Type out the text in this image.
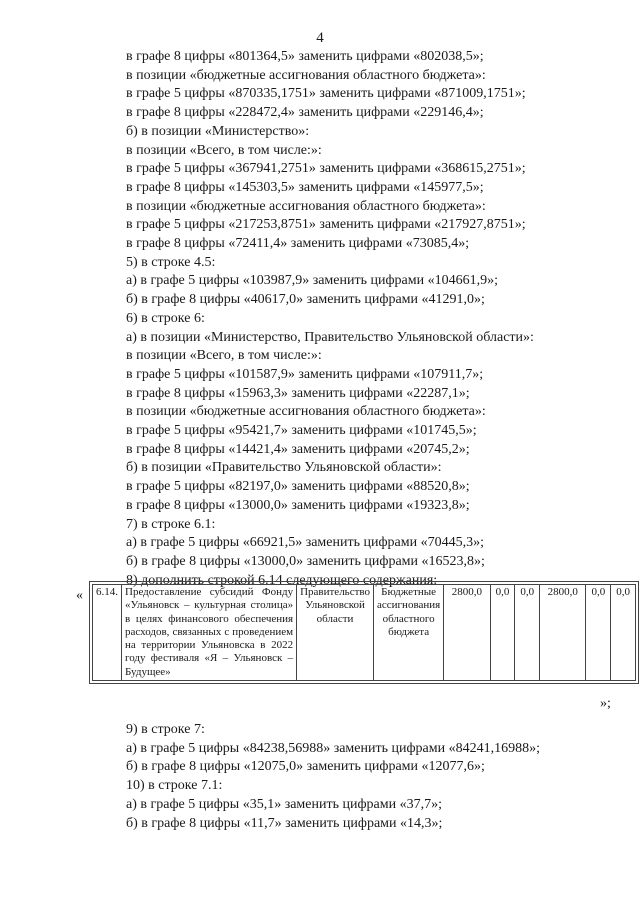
4
в графе 8 цифры «801364,5» заменить цифрами «802038,5»;
в позиции «бюджетные ассигнования областного бюджета»:
в графе 5 цифры «870335,1751» заменить цифрами «871009,1751»;
в графе 8 цифры «228472,4» заменить цифрами «229146,4»;
б) в позиции «Министерство»:
в позиции «Всего, в том числе:»:
в графе 5 цифры «367941,2751» заменить цифрами «368615,2751»;
в графе 8 цифры «145303,5» заменить цифрами «145977,5»;
в позиции «бюджетные ассигнования областного бюджета»:
в графе 5 цифры «217253,8751» заменить цифрами «217927,8751»;
в графе 8 цифры «72411,4» заменить цифрами «73085,4»;
5) в строке 4.5:
а) в графе 5 цифры «103987,9» заменить цифрами «104661,9»;
б) в графе 8 цифры «40617,0» заменить цифрами «41291,0»;
6) в строке 6:
а) в позиции «Министерство, Правительство Ульяновской области»:
в позиции «Всего, в том числе:»:
в графе 5 цифры «101587,9» заменить цифрами «107911,7»;
в графе 8 цифры «15963,3» заменить цифрами «22287,1»;
в позиции «бюджетные ассигнования областного бюджета»:
в графе 5 цифры «95421,7» заменить цифрами «101745,5»;
в графе 8 цифры «14421,4» заменить цифрами «20745,2»;
б) в позиции «Правительство Ульяновской области»:
в графе 5 цифры «82197,0» заменить цифрами «88520,8»;
в графе 8 цифры «13000,0» заменить цифрами «19323,8»;
7) в строке 6.1:
а) в графе 5 цифры «66921,5» заменить цифрами «70445,3»;
б) в графе 8 цифры «13000,0» заменить цифрами «16523,8»;
8) дополнить строкой 6.14 следующего содержания:
« 6.14.	Предоставление субсидий Фонду «Ульяновск – культурная столица» в целях финансового обеспечения расходов, связанных с проведением на территории Ульяновска в 2022 году фестиваля «Я – Ульяновск – Будущее»	Правительство Ульяновской области	Бюджетные ассигнования областного бюджета	2800,0	0,0	0,0	2800,0	0,0	0,0
»;
9) в строке 7:
а) в графе 5 цифры «84238,56988» заменить цифрами «84241,16988»;
б) в графе 8 цифры «12075,0» заменить цифрами «12077,6»;
10) в строке 7.1:
а) в графе 5 цифры «35,1» заменить цифрами «37,7»;
б) в графе 8 цифры «11,7» заменить цифрами «14,3»;
